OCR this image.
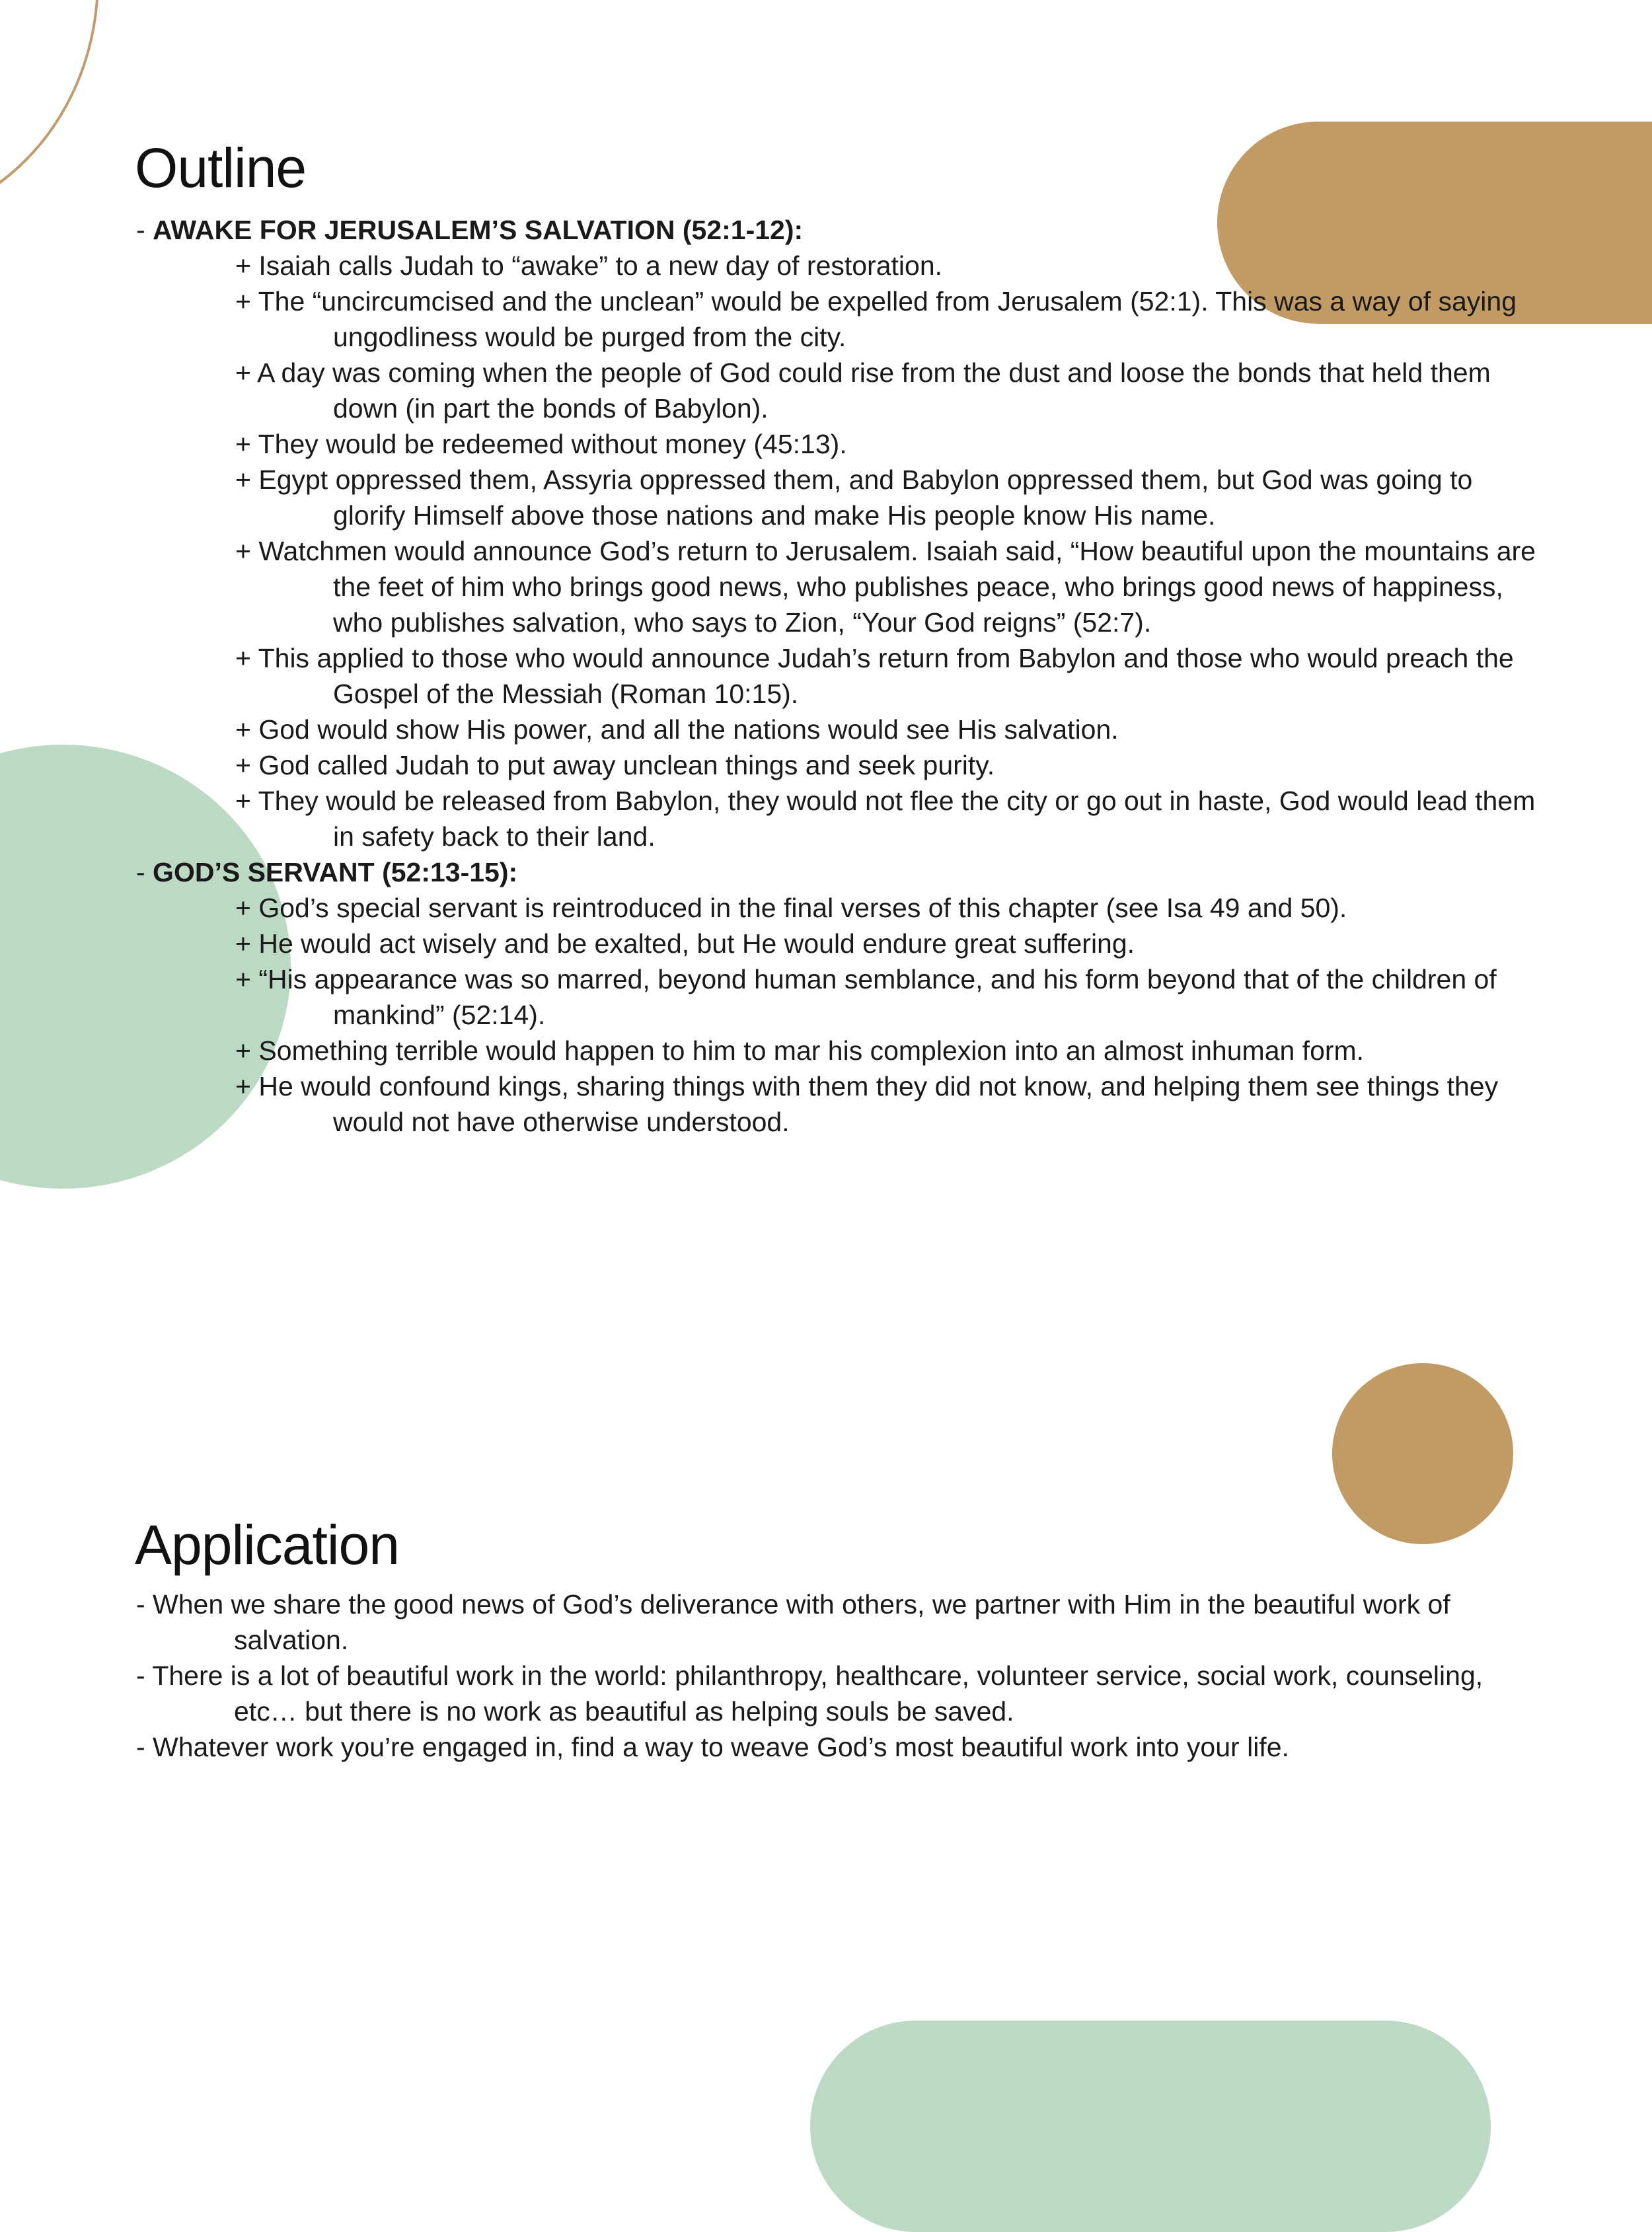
Outline
- AWAKE FOR JERUSALEM’S SALVATION (52:1-12):
+ Isaiah calls Judah to “awake” to a new day of restoration.
+ The “uncircumcised and the unclean” would be expelled from Jerusalem (52:1). This was a way of saying ungodliness would be purged from the city.
+ A day was coming when the people of God could rise from the dust and loose the bonds that held them down (in part the bonds of Babylon).
+ They would be redeemed without money (45:13).
+ Egypt oppressed them, Assyria oppressed them, and Babylon oppressed them, but God was going to glorify Himself above those nations and make His people know His name.
+ Watchmen would announce God’s return to Jerusalem. Isaiah said, “How beautiful upon the mountains are the feet of him who brings good news, who publishes peace, who brings good news of happiness, who publishes salvation, who says to Zion, “Your God reigns” (52:7).
+ This applied to those who would announce Judah’s return from Babylon and those who would preach the Gospel of the Messiah (Roman 10:15).
+ God would show His power, and all the nations would see His salvation.
+ God called Judah to put away unclean things and seek purity.
+ They would be released from Babylon, they would not flee the city or go out in haste, God would lead them in safety back to their land.
- GOD’S SERVANT (52:13-15):
+ God’s special servant is reintroduced in the final verses of this chapter (see Isa 49 and 50).
+ He would act wisely and be exalted, but He would endure great suffering.
+ “His appearance was so marred, beyond human semblance, and his form beyond that of the children of mankind” (52:14).
+ Something terrible would happen to him to mar his complexion into an almost inhuman form.
+ He would confound kings, sharing things with them they did not know, and helping them see things they would not have otherwise understood.
Application
- When we share the good news of God’s deliverance with others, we partner with Him in the beautiful work of salvation.
- There is a lot of beautiful work in the world: philanthropy, healthcare, volunteer service, social work, counseling, etc… but there is no work as beautiful as helping souls be saved.
- Whatever work you’re engaged in, find a way to weave God’s most beautiful work into your life.
